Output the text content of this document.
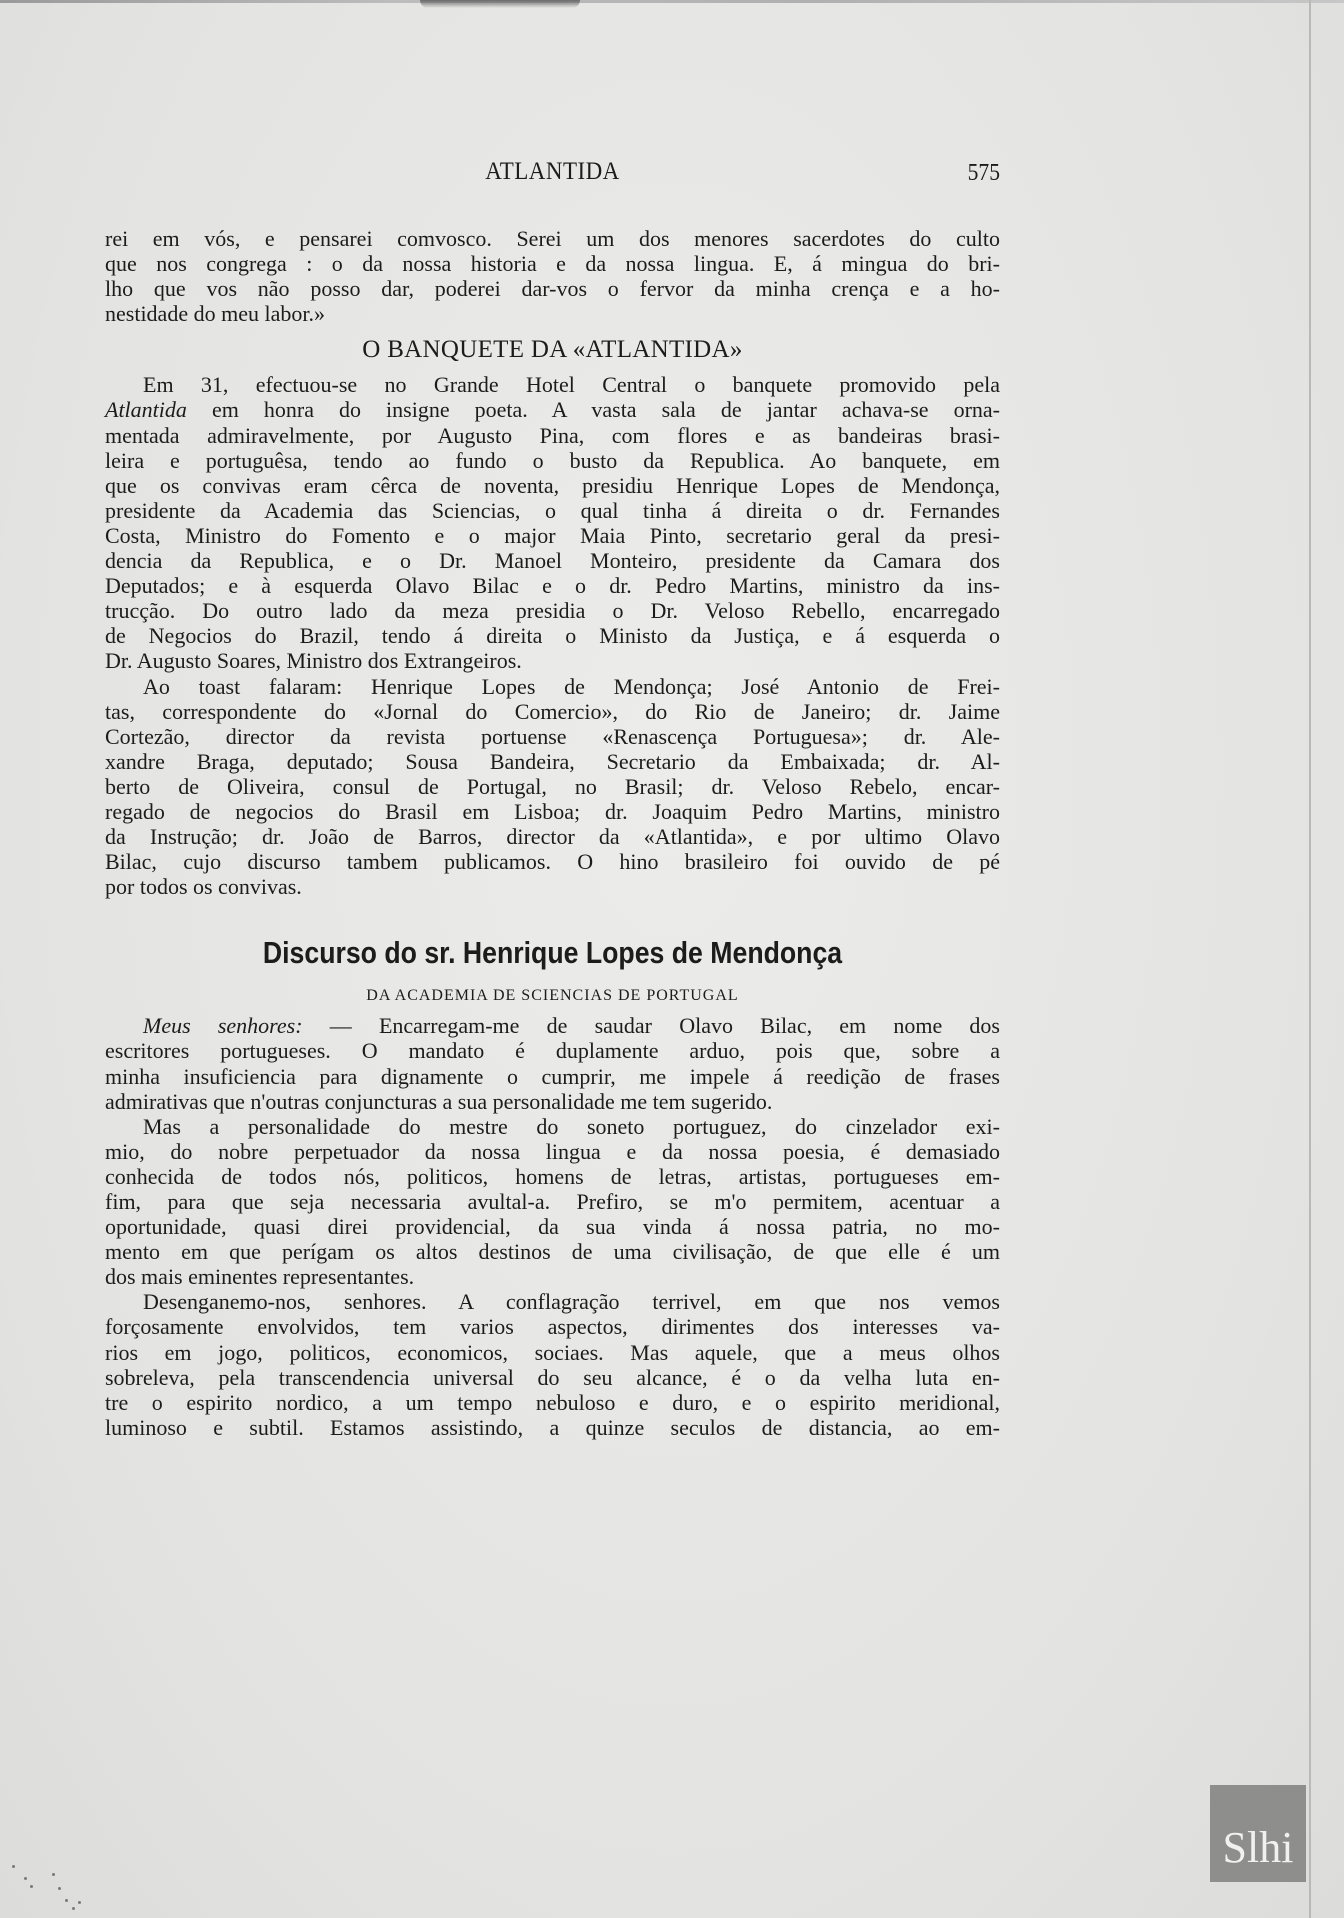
ATLANTIDA	575
rei em vós, e pensarei comvosco. Serei um dos menores sacerdotes do culto
que nos congrega : o da nossa historia e da nossa lingua. E, á mingua do bri-
lho que vos não posso dar, poderei dar-vos o fervor da minha crença e a ho-
nestidade do meu labor.»
O BANQUETE DA «ATLANTIDA»
Em 31, efectuou-se no Grande Hotel Central o banquete promovido pela
Atlantida em honra do insigne poeta. A vasta sala de jantar achava-se orna-
mentada admiravelmente, por Augusto Pina, com flores e as bandeiras brasi-
leira e portuguêsa, tendo ao fundo o busto da Republica. Ao banquete, em
que os convivas eram cêrca de noventa, presidiu Henrique Lopes de Mendonça,
presidente da Academia das Sciencias, o qual tinha á direita o dr. Fernandes
Costa, Ministro do Fomento e o major Maia Pinto, secretario geral da presi-
dencia da Republica, e o Dr. Manoel Monteiro, presidente da Camara dos
Deputados; e à esquerda Olavo Bilac e o dr. Pedro Martins, ministro da ins-
trucção. Do outro lado da meza presidia o Dr. Veloso Rebello, encarregado
de Negocios do Brazil, tendo á direita o Ministo da Justiça, e á esquerda o
Dr. Augusto Soares, Ministro dos Extrangeiros.
Ao toast falaram: Henrique Lopes de Mendonça; José Antonio de Frei-
tas, correspondente do «Jornal do Comercio», do Rio de Janeiro; dr. Jaime
Cortezão, director da revista portuense «Renascença Portuguesa»; dr. Ale-
xandre Braga, deputado; Sousa Bandeira, Secretario da Embaixada; dr. Al-
berto de Oliveira, consul de Portugal, no Brasil; dr. Veloso Rebelo, encar-
regado de negocios do Brasil em Lisboa; dr. Joaquim Pedro Martins, ministro
da Instrução; dr. João de Barros, director da «Atlantida», e por ultimo Olavo
Bilac, cujo discurso tambem publicamos. O hino brasileiro foi ouvido de pé
por todos os convivas.
Discurso do sr. Henrique Lopes de Mendonça
DA ACADEMIA DE SCIENCIAS DE PORTUGAL
Meus senhores: — Encarregam-me de saudar Olavo Bilac, em nome dos
escritores portugueses. O mandato é duplamente arduo, pois que, sobre a
minha insuficiencia para dignamente o cumprir, me impele á reedição de frases
admirativas que n'outras conjuncturas a sua personalidade me tem sugerido.
Mas a personalidade do mestre do soneto portuguez, do cinzelador exi-
mio, do nobre perpetuador da nossa lingua e da nossa poesia, é demasiado
conhecida de todos nós, politicos, homens de letras, artistas, portugueses em-
fim, para que seja necessaria avultal-a. Prefiro, se m'o permitem, acentuar a
oportunidade, quasi direi providencial, da sua vinda á nossa patria, no mo-
mento em que perígam os altos destinos de uma civilisação, de que elle é um
dos mais eminentes representantes.
Desenganemo-nos, senhores. A conflagração terrivel, em que nos vemos
forçosamente envolvidos, tem varios aspectos, dirimentes dos interesses va-
rios em jogo, politicos, economicos, sociaes. Mas aquele, que a meus olhos
sobreleva, pela transcendencia universal do seu alcance, é o da velha luta en-
tre o espirito nordico, a um tempo nebuloso e duro, e o espirito meridional,
luminoso e subtil. Estamos assistindo, a quinze seculos de distancia, ao em-
Slhi
